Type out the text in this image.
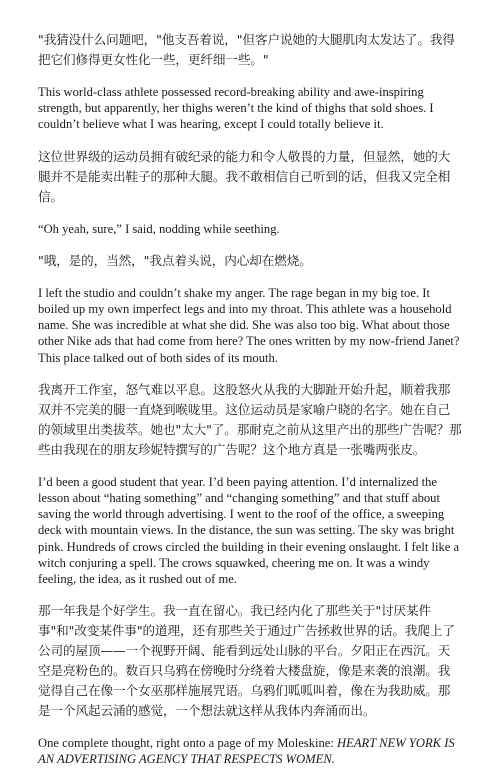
"我猜没什么问题吧，"他支吾着说，"但客户说她的大腿肌肉太发达了。我得把它们修得更女性化一些，更纤细一些。"

This world-class athlete possessed record-breaking ability and awe-inspiring strength, but apparently, her thighs weren’t the kind of thighs that sold shoes. I couldn’t believe what I was hearing, except I could totally believe it.

这位世界级的运动员拥有破纪录的能力和令人敬畏的力量，但显然，她的大腿并不是能卖出鞋子的那种大腿。我不敢相信自己听到的话，但我又完全相信。

“Oh yeah, sure,” I said, nodding while seething.

"哦，是的，当然，"我点着头说，内心却在燃烧。

I left the studio and couldn’t shake my anger. The rage began in my big toe. It boiled up my own imperfect legs and into my throat. This athlete was a household name. She was incredible at what she did. She was also too big. What about those other Nike ads that had come from here? The ones written by my now-friend Janet? This place talked out of both sides of its mouth.

我离开工作室，怒气难以平息。这股怒火从我的大脚趾开始升起，顺着我那双并不完美的腿一直烧到喉咙里。这位运动员是家喻户晓的名字。她在自己的领域里出类拔萃。她也"太大"了。那耐克之前从这里产出的那些广告呢？那些由我现在的朋友珍妮特撰写的广告呢？这个地方真是一张嘴两张皮。

I’d been a good student that year. I’d been paying attention. I’d internalized the lesson about “hating something” and “changing something” and that stuff about saving the world through advertising. I went to the roof of the office, a sweeping deck with mountain views. In the distance, the sun was setting. The sky was bright pink. Hundreds of crows circled the building in their evening onslaught. I felt like a witch conjuring a spell. The crows squawked, cheering me on. It was a windy feeling, the idea, as it rushed out of me.

那一年我是个好学生。我一直在留心。我已经内化了那些关于"讨厌某件事"和"改变某件事"的道理，还有那些关于通过广告拯救世界的话。我爬上了公司的屋顶——一个视野开阔、能看到远处山脉的平台。夕阳正在西沉。天空是亮粉色的。数百只乌鸦在傍晚时分绕着大楼盘旋，像是来袭的浪潮。我觉得自己在像一个女巫那样施展咒语。乌鸦们呱呱叫着，像在为我助威。那是一个风起云涌的感觉，一个想法就这样从我体内奔涌而出。

One complete thought, right onto a page of my Moleskine: HEART NEW YORK IS AN ADVERTISING AGENCY THAT RESPECTS WOMEN.
